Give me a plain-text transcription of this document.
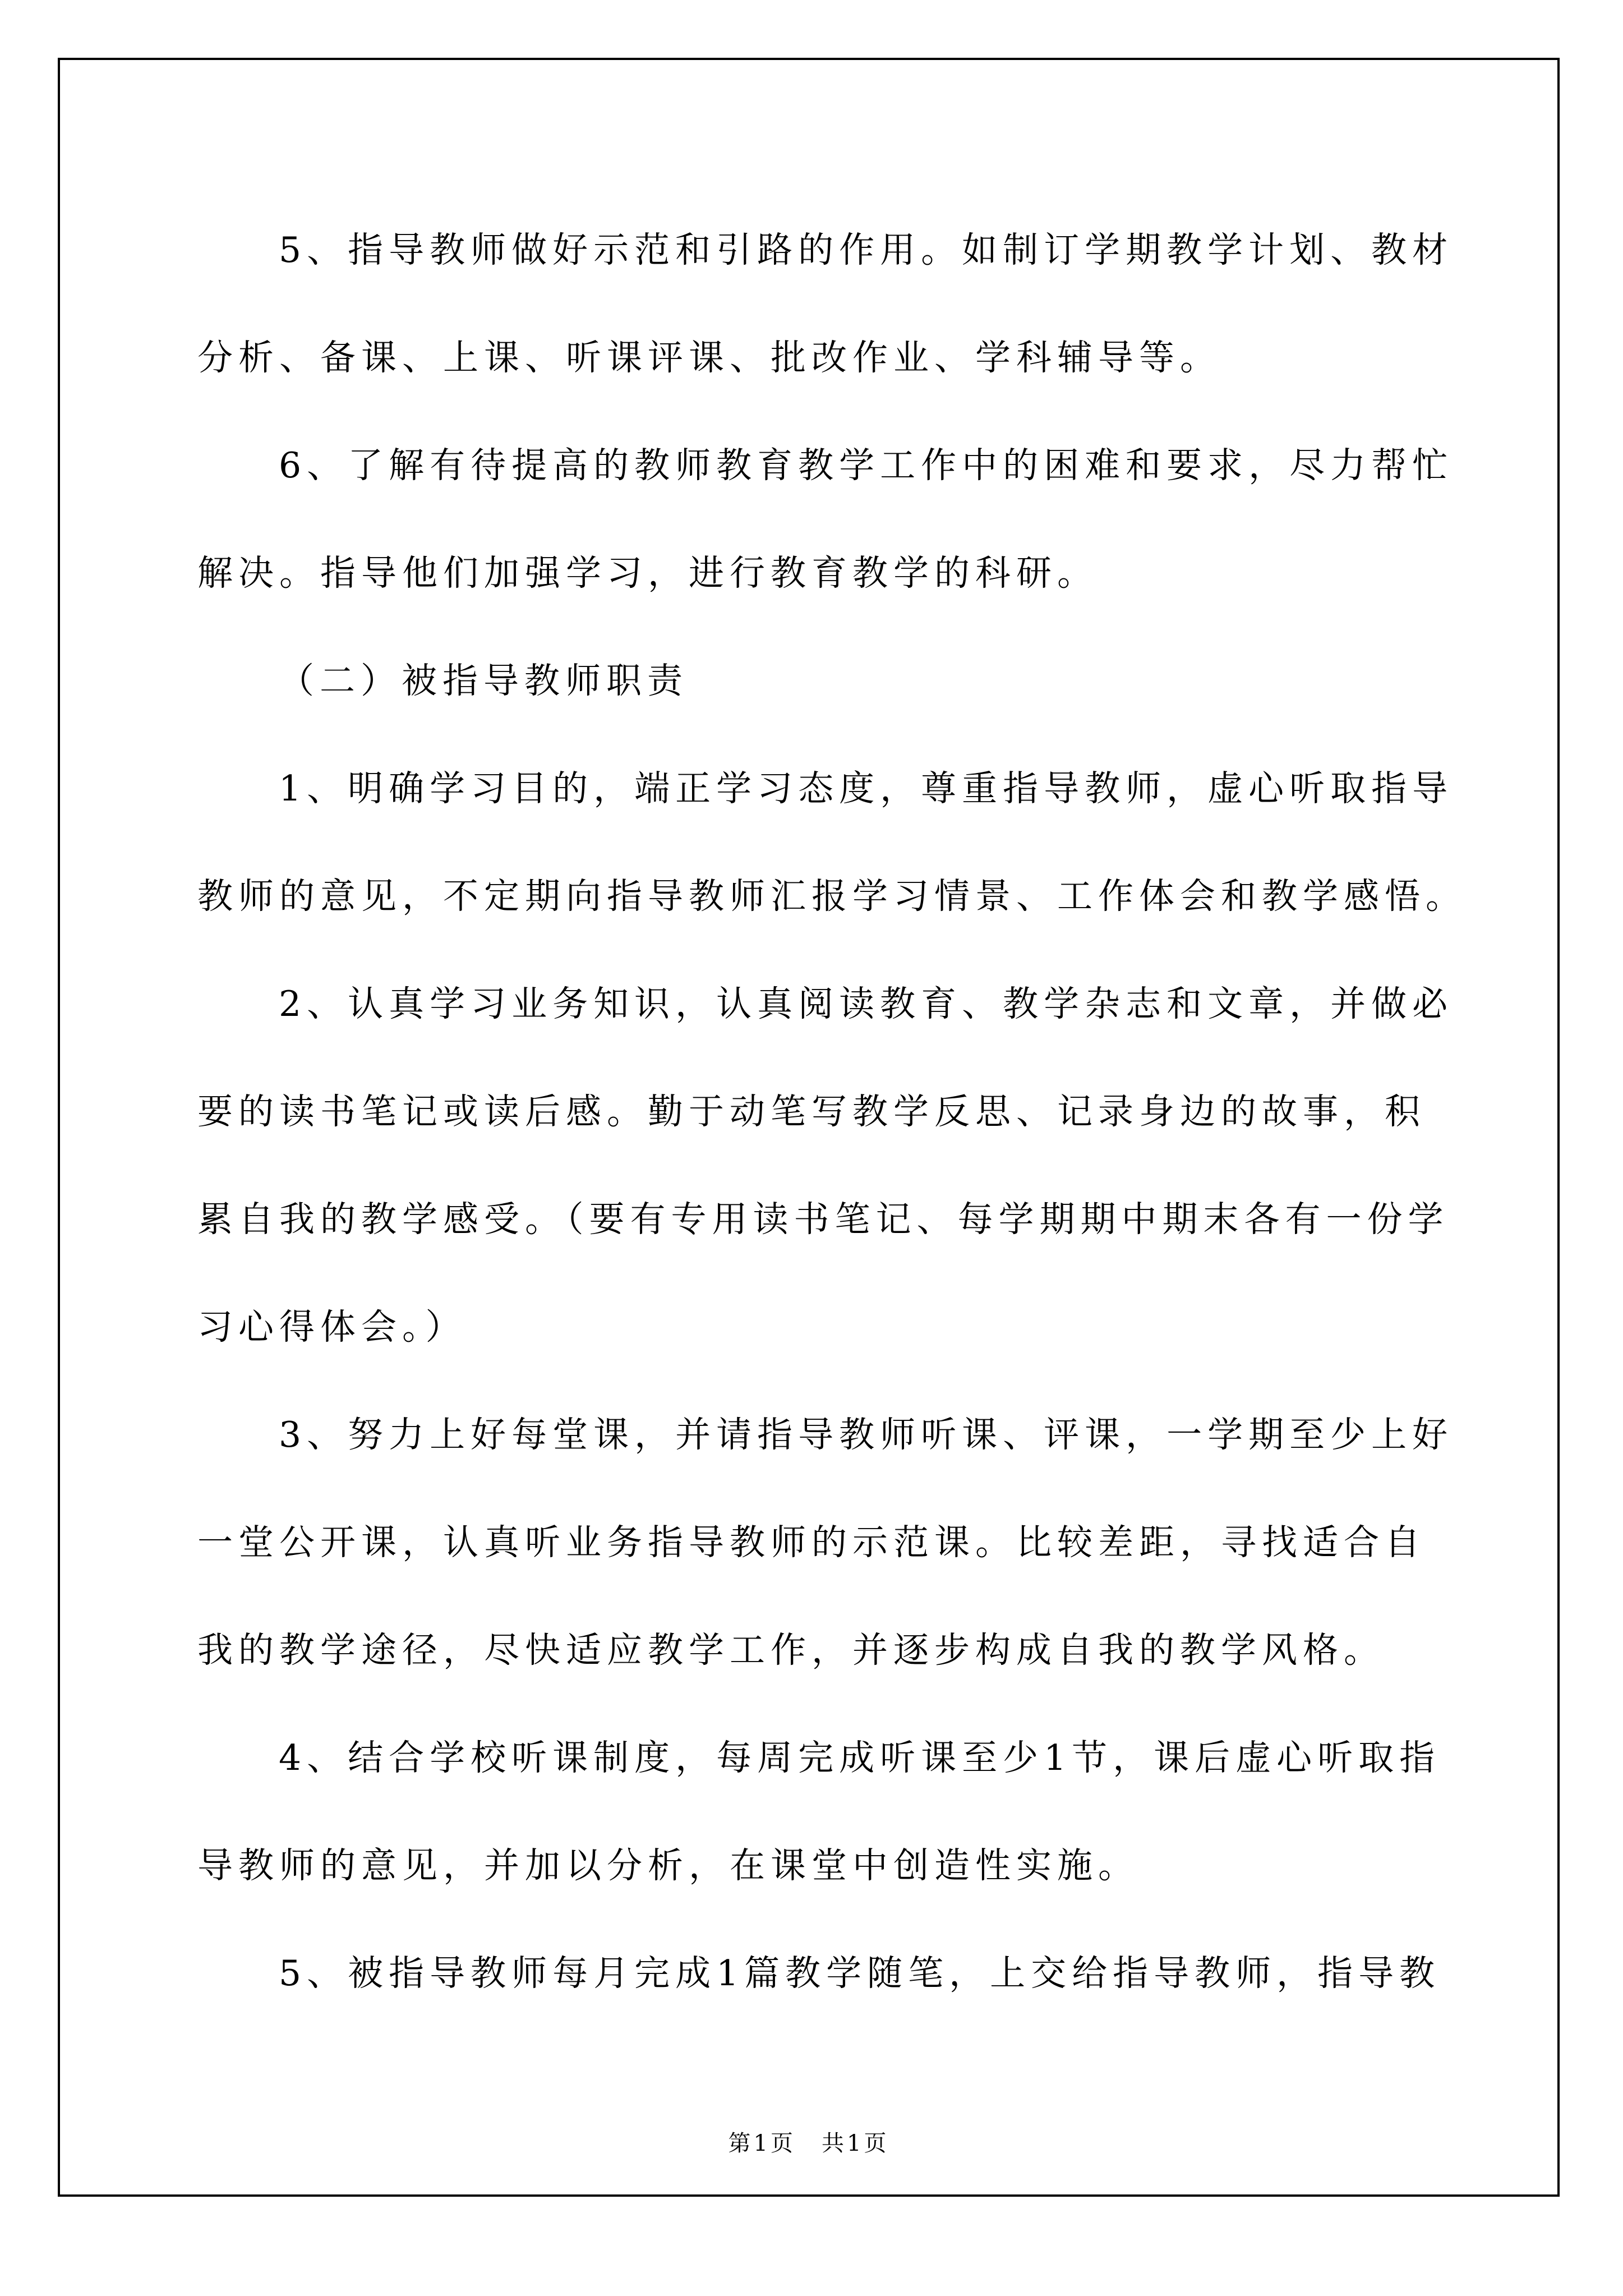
5、指导教师做好示范和引路的作用。如制订学期教学计划、教材
分析、备课、上课、听课评课、批改作业、学科辅导等。
6、了解有待提高的教师教育教学工作中的困难和要求，尽力帮忙
解决。指导他们加强学习，进行教育教学的科研。
（二）被指导教师职责
1、明确学习目的，端正学习态度，尊重指导教师，虚心听取指导
教师的意见，不定期向指导教师汇报学习情景、工作体会和教学感悟。
2、认真学习业务知识，认真阅读教育、教学杂志和文章，并做必
要的读书笔记或读后感。勤于动笔写教学反思、记录身边的故事，积
累自我的教学感受。（要有专用读书笔记、每学期期中期末各有一份学
习心得体会。）
3、努力上好每堂课，并请指导教师听课、评课，一学期至少上好
一堂公开课，认真听业务指导教师的示范课。比较差距，寻找适合自
我的教学途径，尽快适应教学工作，并逐步构成自我的教学风格。
4、结合学校听课制度，每周完成听课至少1节，课后虚心听取指
导教师的意见，并加以分析，在课堂中创造性实施。
5、被指导教师每月完成1篇教学随笔，上交给指导教师，指导教
第1页 共1页
